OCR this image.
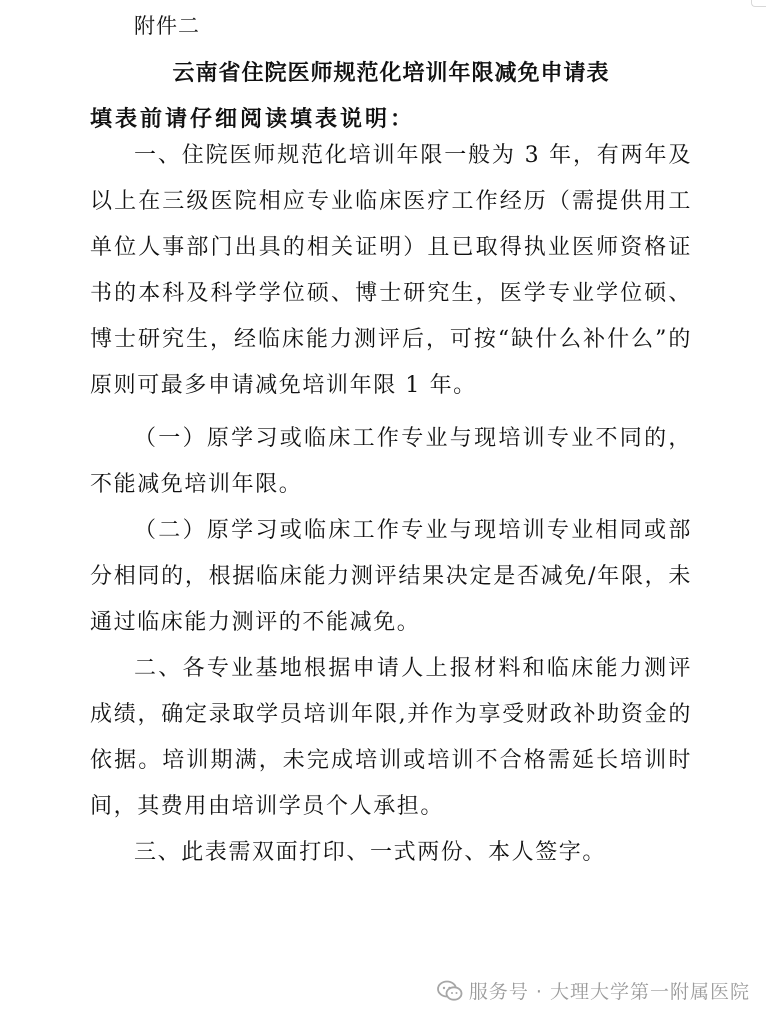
附件二
云南省住院医师规范化培训年限减免申请表
填表前请仔细阅读填表说明：

一、住院医师规范化培训年限一般为 3 年，有两年及以上在三级医院相应专业临床医疗工作经历（需提供用工单位人事部门出具的相关证明）且已取得执业医师资格证书的本科及科学学位硕、博士研究生，医学专业学位硕、博士研究生，经临床能力测评后，可按“缺什么补什么”的原则可最多申请减免培训年限 1 年。

（一）原学习或临床工作专业与现培训专业不同的，不能减免培训年限。

（二）原学习或临床工作专业与现培训专业相同或部分相同的，根据临床能力测评结果决定是否减免/年限，未通过临床能力测评的不能减免。

二、各专业基地根据申请人上报材料和临床能力测评成绩，确定录取学员培训年限,并作为享受财政补助资金的依据。培训期满，未完成培训或培训不合格需延长培训时间，其费用由培训学员个人承担。

三、此表需双面打印、一式两份、本人签字。

服务号 · 大理大学第一附属医院
